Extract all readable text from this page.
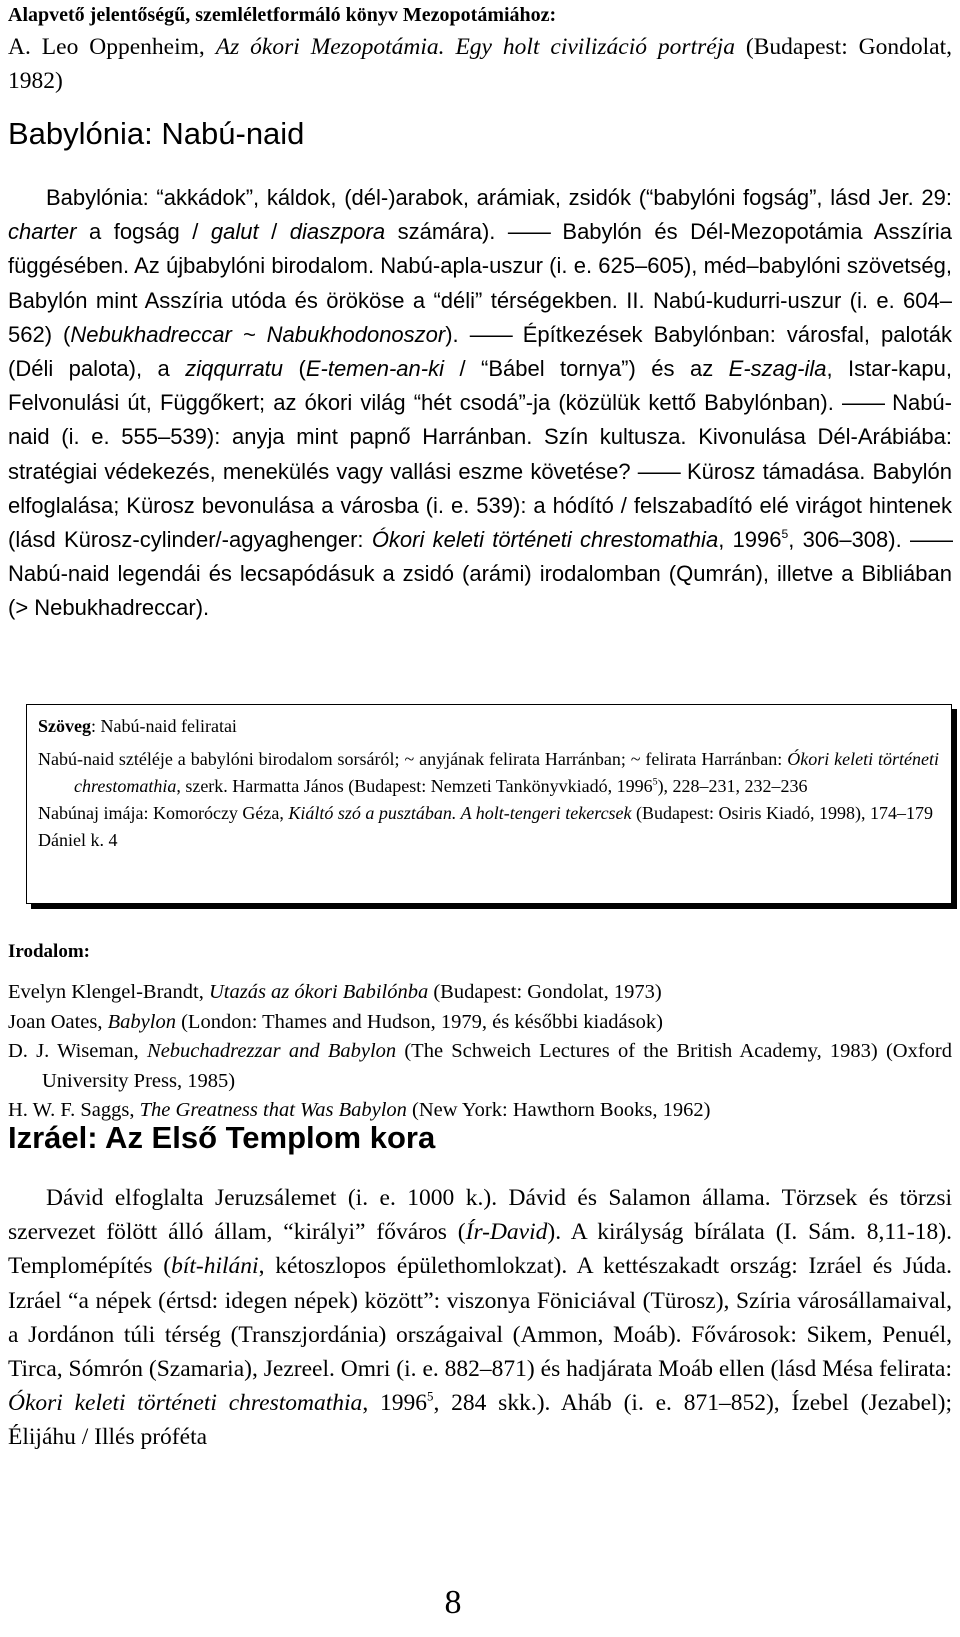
Alapvető jelentőségű, szemléletformáló könyv Mezopotámiához:

A. Leo Oppenheim, Az ókori Mezopotámia. Egy holt civilizáció portréja (Budapest: Gondolat, 1982)

Babylónia: Nabú-naid

Babylónia: “akkádok”, káldok, (dél-)arabok, arámiak, zsidók (“babylóni fogság”, lásd Jer. 29: charter a fogság / galut / diaszpora számára). —— Babylón és Dél-Mezopotámia Asszíria függésében. Az újbabylóni birodalom. Nabú-apla-uszur (i. e. 625–605), méd–babylóni szövetség, Babylón mint Asszíria utóda és örököse a “déli” térségekben. II. Nabú-kudurri-uszur (i. e. 604–562) (Nebukhadreccar ~ Nabukhodonoszor). —— Építkezések Babylónban: városfal, paloták (Déli palota), a ziqqurratu (E-temen-an-ki / “Bábel tornya”) és az E-szag-ila, Istar-kapu, Felvonulási út, Függőkert; az ókori világ “hét csodá”-ja (közülük kettő Babylónban). —— Nabú-naid (i. e. 555–539): anyja mint papnő Harránban. Szín kultusza. Kivonulása Dél-Arábiába: stratégiai védekezés, menekülés vagy vallási eszme követése? —— Kürosz támadása. Babylón elfoglalása; Kürosz bevonulása a városba (i. e. 539): a hódító / felszabadító elé virágot hintenek (lásd Kürosz-cylinder/-agyaghenger: Ókori keleti történeti chrestomathia, 1996$^5$, 306–308). —— Nabú-naid legendái és lecsapódásuk a zsidó (arámi) irodalomban (Qumrán), illetve a Bibliában (> Nebukhadreccar).

Szöveg: Nabú-naid feliratai

Nabú-naid sztéléje a babylóni birodalom sorsáról; ~ anyjának felirata Harránban; ~ felirata Harránban: Ókori keleti történeti chrestomathia, szerk. Harmatta János (Budapest: Nemzeti Tankönyvkiadó, 1996$^5$), 228–231, 232–236

Nabúnaj imája: Komoróczy Géza, Kiáltó szó a pusztában. A holt-tengeri tekercsek (Budapest: Osiris Kiadó, 1998), 174–179

Dániel k. 4

Irodalom:

Evelyn Klengel-Brandt, Utazás az ókori Babilónba (Budapest: Gondolat, 1973)

Joan Oates, Babylon (London: Thames and Hudson, 1979, és későbbi kiadások)

D. J. Wiseman, Nebuchadrezzar and Babylon (The Schweich Lectures of the British Academy, 1983) (Oxford University Press, 1985)

H. W. F. Saggs, The Greatness that Was Babylon (New York: Hawthorn Books, 1962)

Izráel: Az Első Templom kora

Dávid elfoglalta Jeruzsálemet (i. e. 1000 k.). Dávid és Salamon állama. Törzsek és törzsi szervezet fölött álló állam, “királyi” főváros (Ír-David). A királyság bírálata (I. Sám. 8,11-18). Templomépítés (bít-hiláni, kétoszlopos épülethomlokzat). A kettészakadt ország: Izráel és Júda. Izráel “a népek (értsd: idegen népek) között”: viszonya Föniciával (Türosz), Szíria városállamaival, a Jordánon túli térség (Transzjordánia) országaival (Ammon, Moáb). Fővárosok: Sikem, Penuél, Tirca, Sómrón (Szamaria), Jezreel. Omri (i. e. 882–871) és hadjárata Moáb ellen (lásd Mésa felirata: Ókori keleti történeti chrestomathia, 1996$^5$, 284 skk.). Aháb (i. e. 871–852), Ízebel (Jezabel); Élijáhu / Illés próféta

8
